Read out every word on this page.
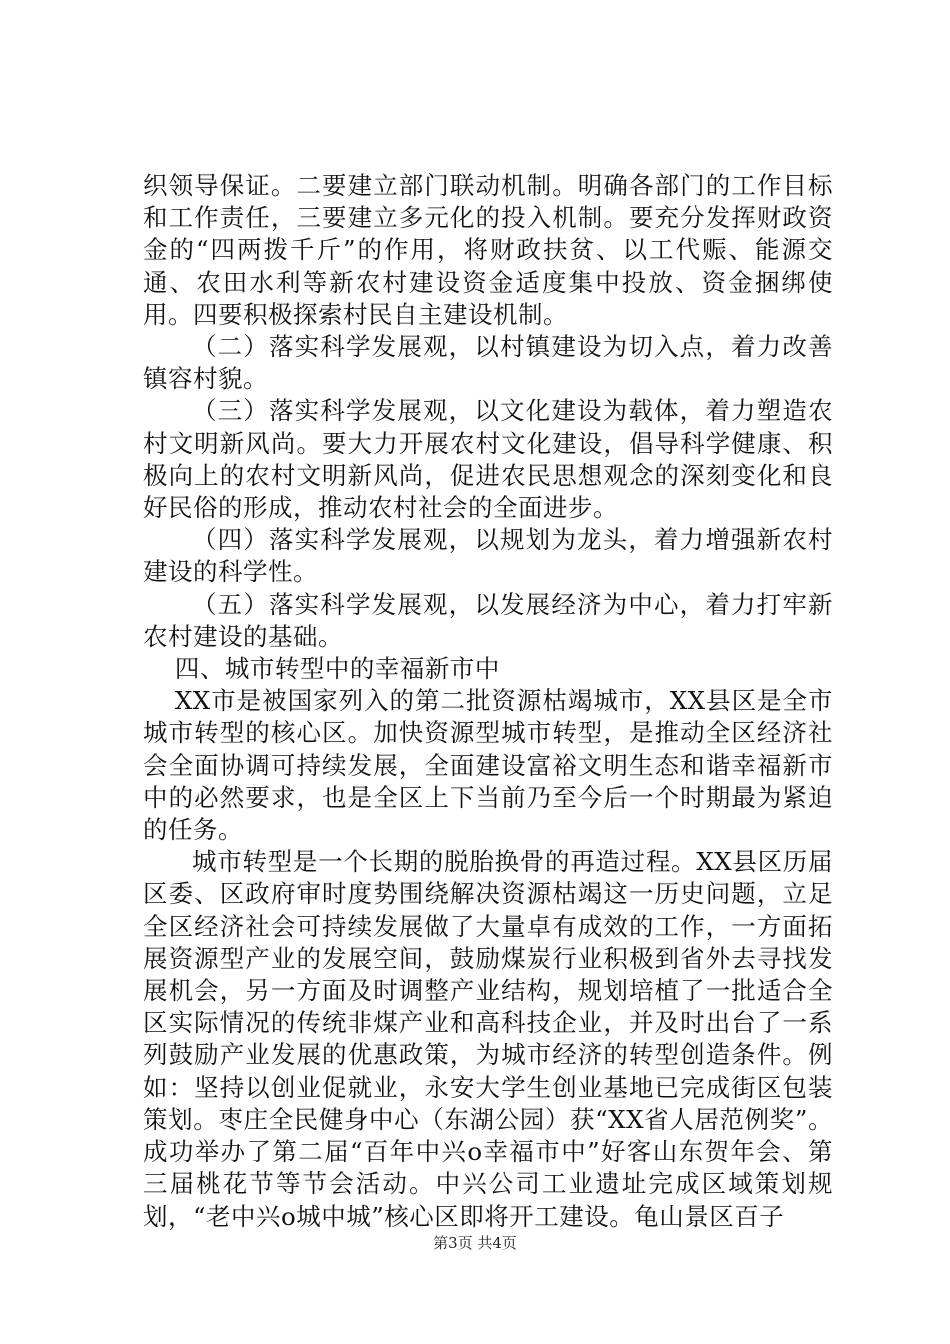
织领导保证。二要建立部门联动机制。明确各部门的工作目标和工作责任，三要建立多元化的投入机制。要充分发挥财政资金的“四两拨千斤”的作用，将财政扶贫、以工代赈、能源交通、农田水利等新农村建设资金适度集中投放、资金捆绑使用。四要积极探索村民自主建设机制。

（二）落实科学发展观，以村镇建设为切入点，着力改善镇容村貌。

（三）落实科学发展观，以文化建设为载体，着力塑造农村文明新风尚。要大力开展农村文化建设，倡导科学健康、积极向上的农村文明新风尚，促进农民思想观念的深刻变化和良好民俗的形成，推动农村社会的全面进步。

（四）落实科学发展观，以规划为龙头，着力增强新农村建设的科学性。

（五）落实科学发展观，以发展经济为中心，着力打牢新农村建设的基础。

四、城市转型中的幸福新市中

XX市是被国家列入的第二批资源枯竭城市，XX县区是全市城市转型的核心区。加快资源型城市转型，是推动全区经济社会全面协调可持续发展，全面建设富裕文明生态和谐幸福新市中的必然要求，也是全区上下当前乃至今后一个时期最为紧迫的任务。

城市转型是一个长期的脱胎换骨的再造过程。XX县区历届区委、区政府审时度势围绕解决资源枯竭这一历史问题，立足全区经济社会可持续发展做了大量卓有成效的工作，一方面拓展资源型产业的发展空间，鼓励煤炭行业积极到省外去寻找发展机会，另一方面及时调整产业结构，规划培植了一批适合全区实际情况的传统非煤产业和高科技企业，并及时出台了一系列鼓励产业发展的优惠政策，为城市经济的转型创造条件。例如：坚持以创业促就业，永安大学生创业基地已完成街区包装策划。枣庄全民健身中心（东湖公园）获“XX省人居范例奖”。成功举办了第二届“百年中兴o幸福市中”好客山东贺年会、第三届桃花节等节会活动。中兴公司工业遗址完成区域策划规划，“老中兴o城中城”核心区即将开工建设。龟山景区百子

第3页 共4页
